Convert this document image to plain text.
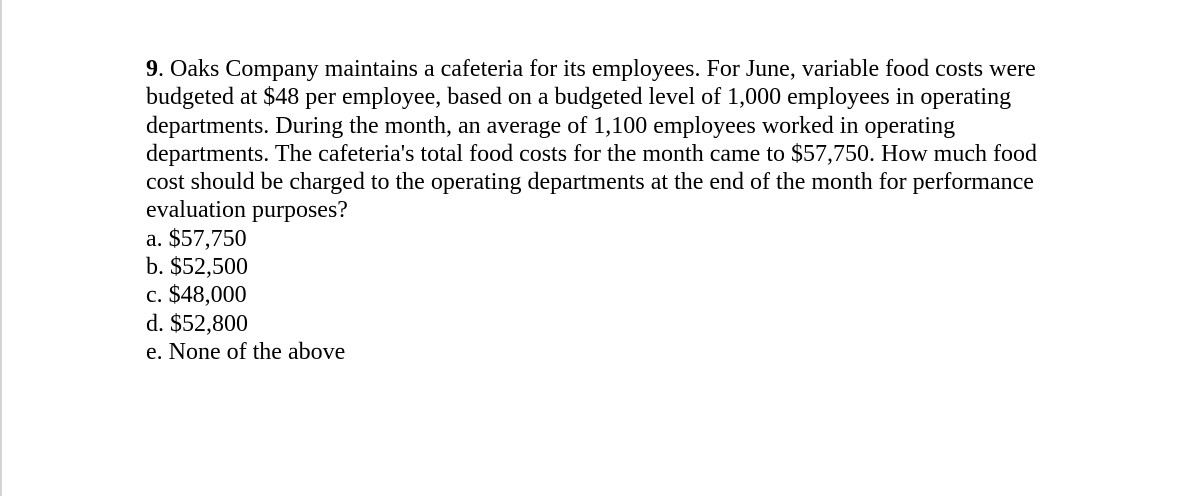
9. Oaks Company maintains a cafeteria for its employees. For June, variable food costs were
budgeted at $48 per employee, based on a budgeted level of 1,000 employees in operating
departments. During the month, an average of 1,100 employees worked in operating
departments. The cafeteria's total food costs for the month came to $57,750. How much food
cost should be charged to the operating departments at the end of the month for performance
evaluation purposes?

a. $57,750
b. $52,500
c. $48,000
d. $52,800
e. None of the above
